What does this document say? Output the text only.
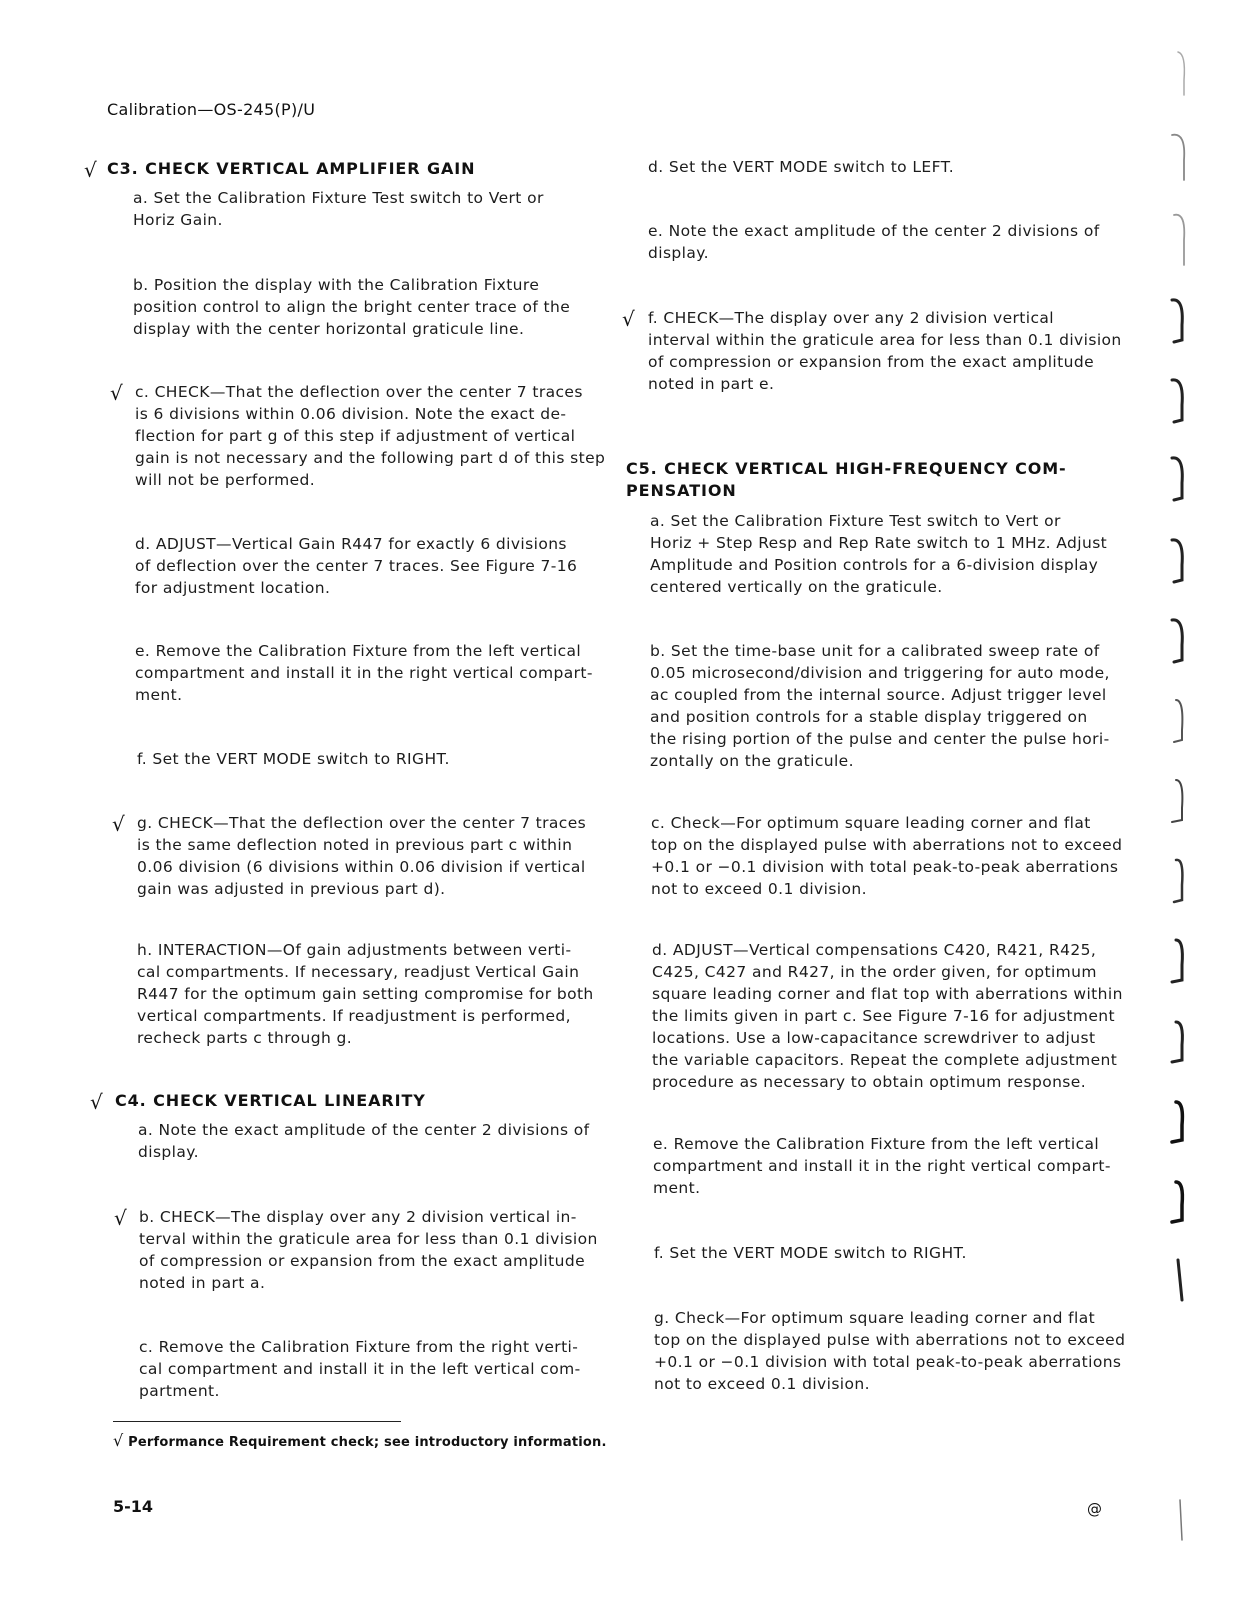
Calibration—OS-245(P)/U
√ C3. CHECK VERTICAL AMPLIFIER GAIN
a. Set the Calibration Fixture Test switch to Vert or
Horiz Gain.
b. Position the display with the Calibration Fixture
position control to align the bright center trace of the
display with the center horizontal graticule line.
√ c. CHECK—That the deflection over the center 7 traces
is 6 divisions within 0.06 division. Note the exact de-
flection for part g of this step if adjustment of vertical
gain is not necessary and the following part d of this step
will not be performed.
d. ADJUST—Vertical Gain R447 for exactly 6 divisions
of deflection over the center 7 traces. See Figure 7-16
for adjustment location.
e. Remove the Calibration Fixture from the left vertical
compartment and install it in the right vertical compart-
ment.
f. Set the VERT MODE switch to RIGHT.
√ g. CHECK—That the deflection over the center 7 traces
is the same deflection noted in previous part c within
0.06 division (6 divisions within 0.06 division if vertical
gain was adjusted in previous part d).
h. INTERACTION—Of gain adjustments between verti-
cal compartments. If necessary, readjust Vertical Gain
R447 for the optimum gain setting compromise for both
vertical compartments. If readjustment is performed,
recheck parts c through g.
√ C4. CHECK VERTICAL LINEARITY
a. Note the exact amplitude of the center 2 divisions of
display.
√ b. CHECK—The display over any 2 division vertical in-
terval within the graticule area for less than 0.1 division
of compression or expansion from the exact amplitude
noted in part a.
c. Remove the Calibration Fixture from the right verti-
cal compartment and install it in the left vertical com-
partment.
d. Set the VERT MODE switch to LEFT.
e. Note the exact amplitude of the center 2 divisions of
display.
√ f. CHECK—The display over any 2 division vertical
interval within the graticule area for less than 0.1 division
of compression or expansion from the exact amplitude
noted in part e.
C5. CHECK VERTICAL HIGH-FREQUENCY COM-
PENSATION
a. Set the Calibration Fixture Test switch to Vert or
Horiz + Step Resp and Rep Rate switch to 1 MHz. Adjust
Amplitude and Position controls for a 6-division display
centered vertically on the graticule.
b. Set the time-base unit for a calibrated sweep rate of
0.05 microsecond/division and triggering for auto mode,
ac coupled from the internal source. Adjust trigger level
and position controls for a stable display triggered on
the rising portion of the pulse and center the pulse hori-
zontally on the graticule.
c. Check—For optimum square leading corner and flat
top on the displayed pulse with aberrations not to exceed
+0.1 or −0.1 division with total peak-to-peak aberrations
not to exceed 0.1 division.
d. ADJUST—Vertical compensations C420, R421, R425,
C425, C427 and R427, in the order given, for optimum
square leading corner and flat top with aberrations within
the limits given in part c. See Figure 7-16 for adjustment
locations. Use a low-capacitance screwdriver to adjust
the variable capacitors. Repeat the complete adjustment
procedure as necessary to obtain optimum response.
e. Remove the Calibration Fixture from the left vertical
compartment and install it in the right vertical compart-
ment.
f. Set the VERT MODE switch to RIGHT.
g. Check—For optimum square leading corner and flat
top on the displayed pulse with aberrations not to exceed
+0.1 or −0.1 division with total peak-to-peak aberrations
not to exceed 0.1 division.
√ Performance Requirement check; see introductory information.
5-14	@
